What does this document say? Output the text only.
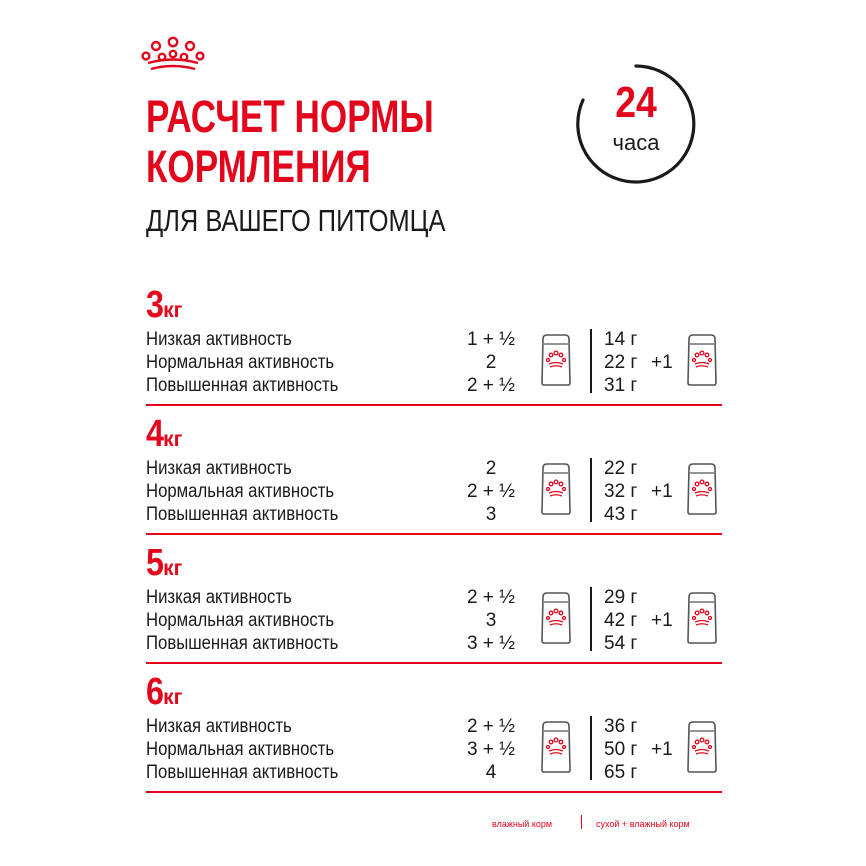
РАСЧЕТ НОРМЫ
КОРМЛЕНИЯ
ДЛЯ ВАШЕГО ПИТОМЦА
24
часа
3кг
Низкая активность	1 + ½	14 г
Нормальная активность	2	22 г
Повышенная активность	2 + ½	31 г
+1
4кг
Низкая активность	2	22 г
Нормальная активность	2 + ½	32 г
Повышенная активность	3	43 г
+1
5кг
Низкая активность	2 + ½	29 г
Нормальная активность	3	42 г
Повышенная активность	3 + ½	54 г
+1
6кг
Низкая активность	2 + ½	36 г
Нормальная активность	3 + ½	50 г
Повышенная активность	4	65 г
+1
влажный корм	сухой + влажный корм
